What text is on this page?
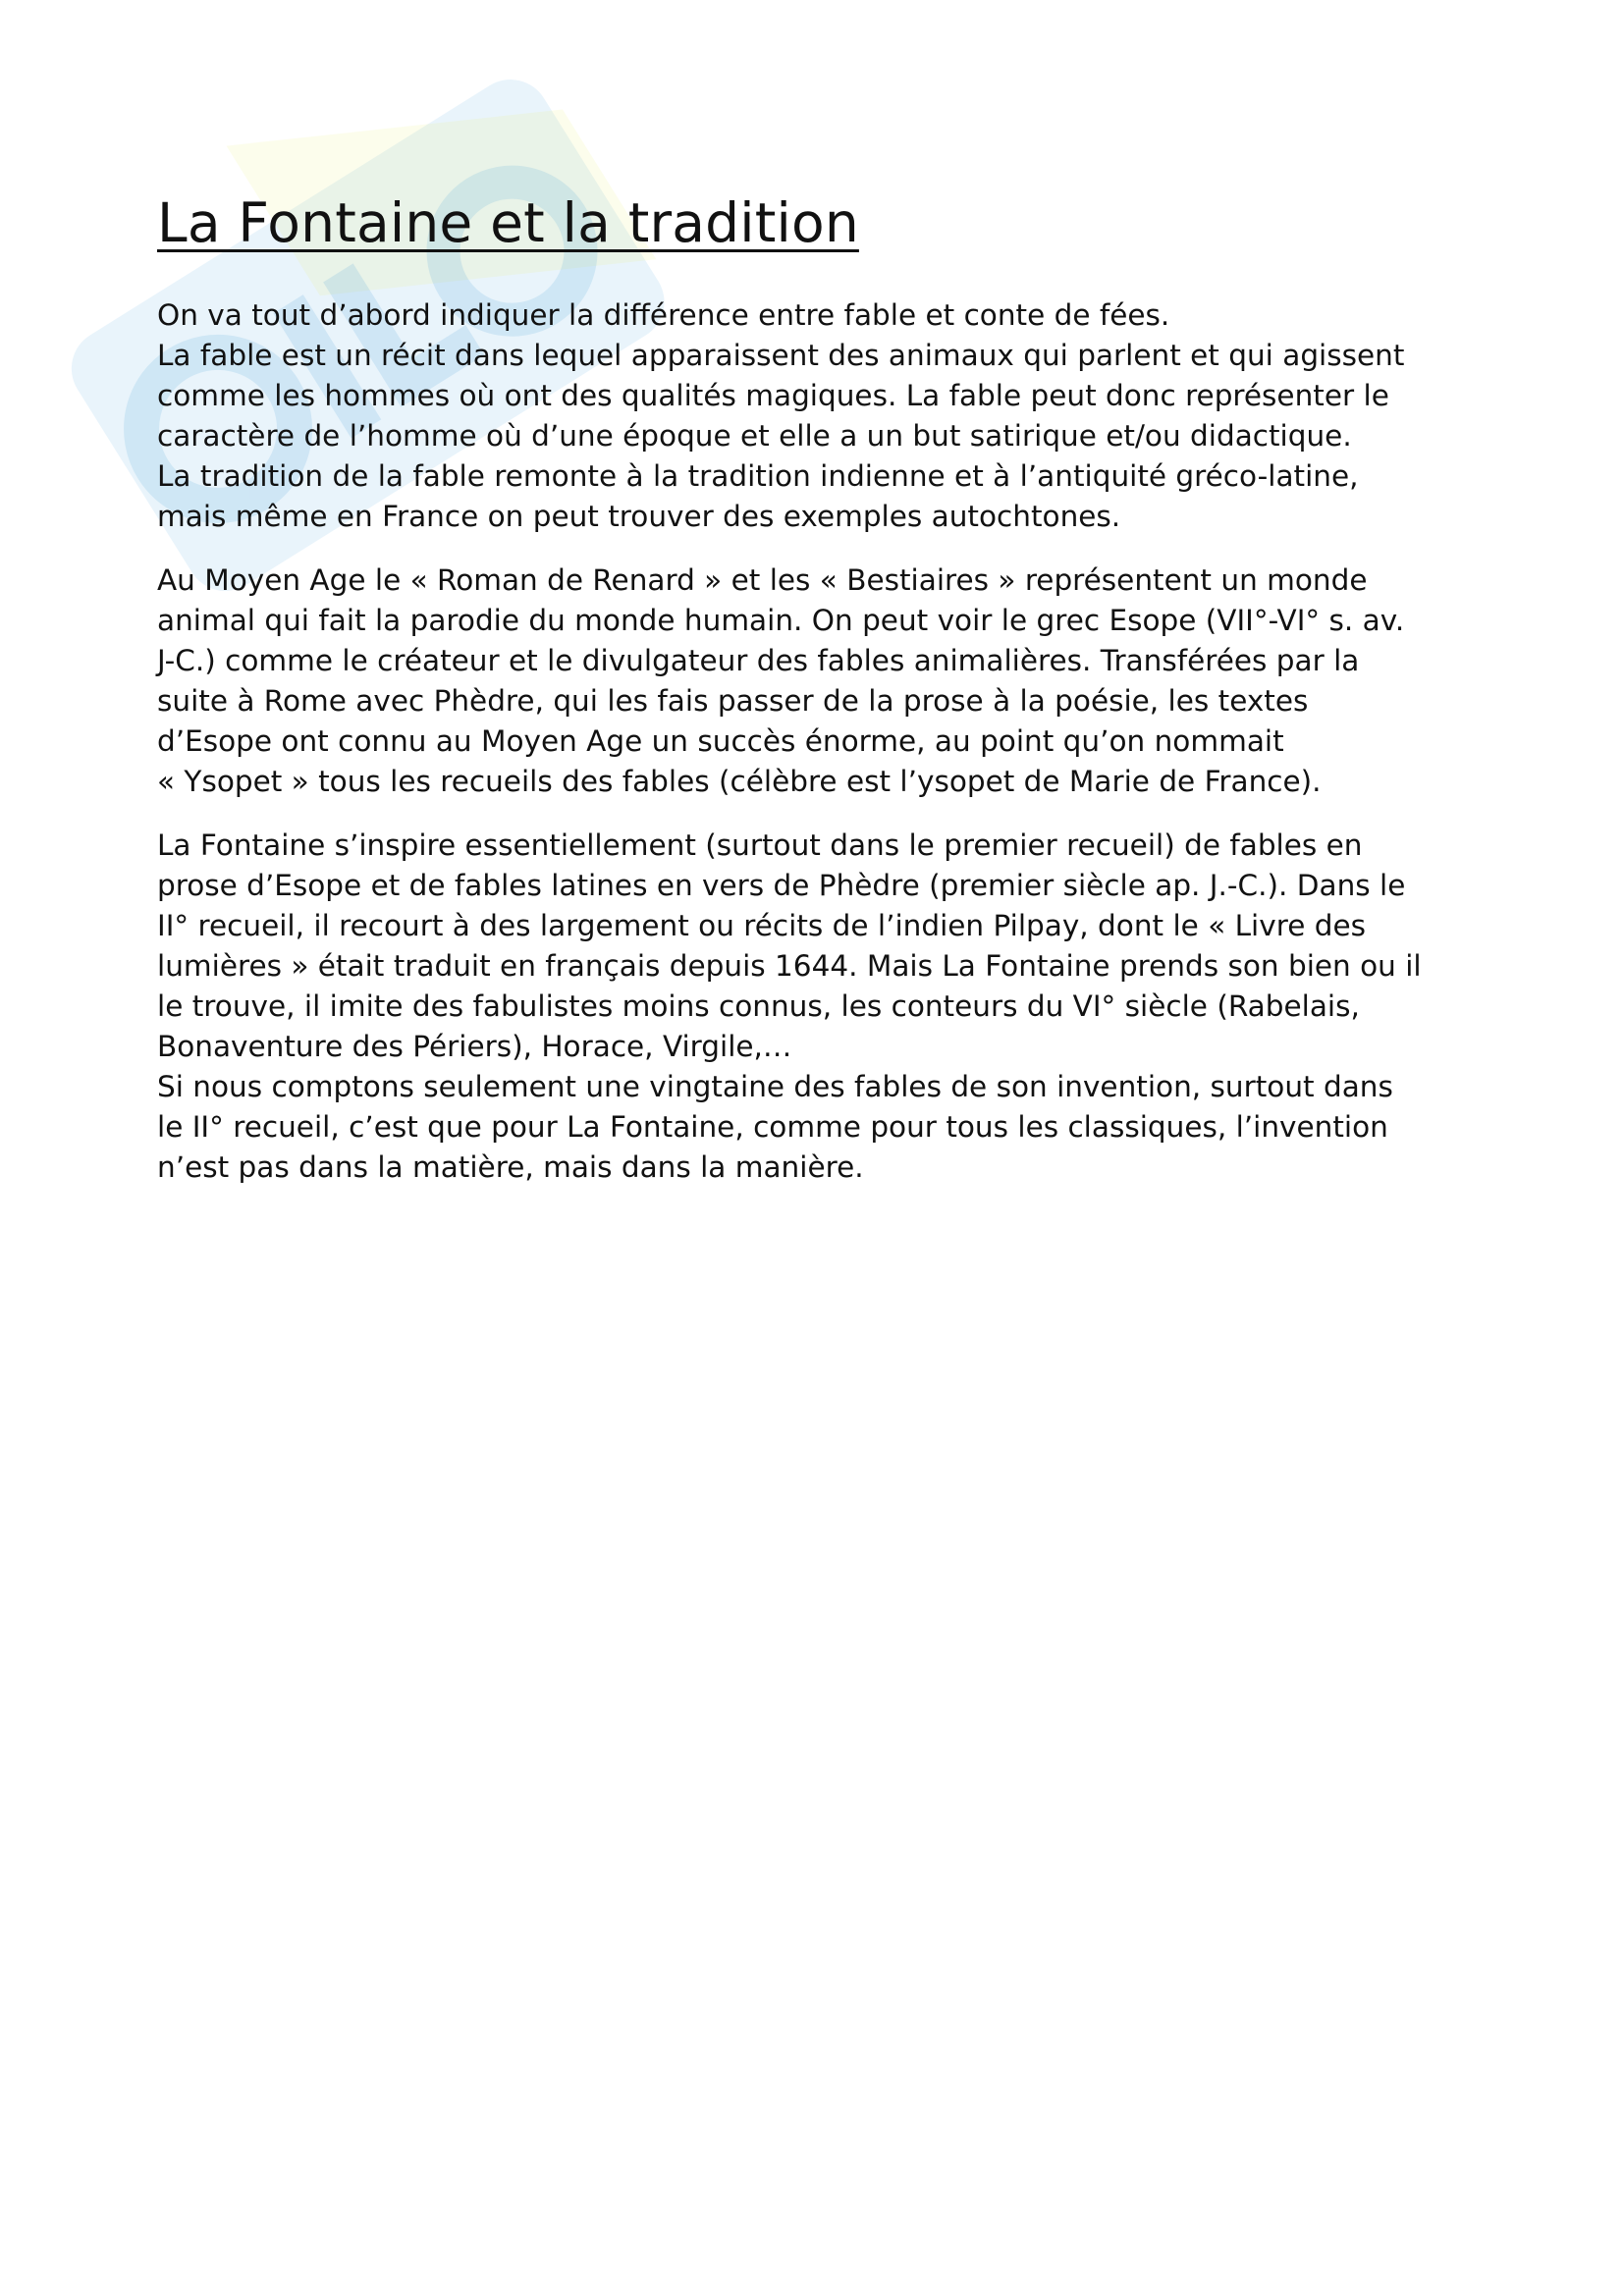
La Fontaine et la tradition
On va tout d’abord indiquer la différence entre fable et conte de fées.
La fable est un récit dans lequel apparaissent des animaux qui parlent et qui agissent
comme les hommes où ont des qualités magiques. La fable peut donc représenter le
caractère de l’homme où d’une époque et elle a un but satirique et/ou didactique.
La tradition de la fable remonte à la tradition indienne et à l’antiquité gréco-latine,
mais même en France on peut trouver des exemples autochtones.
Au Moyen Age le « Roman de Renard » et les « Bestiaires » représentent un monde
animal qui fait la parodie du monde humain. On peut voir le grec Esope (VII°-VI° s. av.
J-C.) comme le créateur et le divulgateur des fables animalières. Transférées par la
suite à Rome avec Phèdre, qui les fais passer de la prose à la poésie, les textes
d’Esope ont connu au Moyen Age un succès énorme, au point qu’on nommait
« Ysopet » tous les recueils des fables (célèbre est l’ysopet de Marie de France).
La Fontaine s’inspire essentiellement (surtout dans le premier recueil) de fables en
prose d’Esope et de fables latines en vers de Phèdre (premier siècle ap. J.-C.). Dans le
II° recueil, il recourt à des largement ou récits de l’indien Pilpay, dont le « Livre des
lumières » était traduit en français depuis 1644. Mais La Fontaine prends son bien ou il
le trouve, il imite des fabulistes moins connus, les conteurs du VI° siècle (Rabelais,
Bonaventure des Périers), Horace, Virgile,…
Si nous comptons seulement une vingtaine des fables de son invention, surtout dans
le II° recueil, c’est que pour La Fontaine, comme pour tous les classiques, l’invention
n’est pas dans la matière, mais dans la manière.
